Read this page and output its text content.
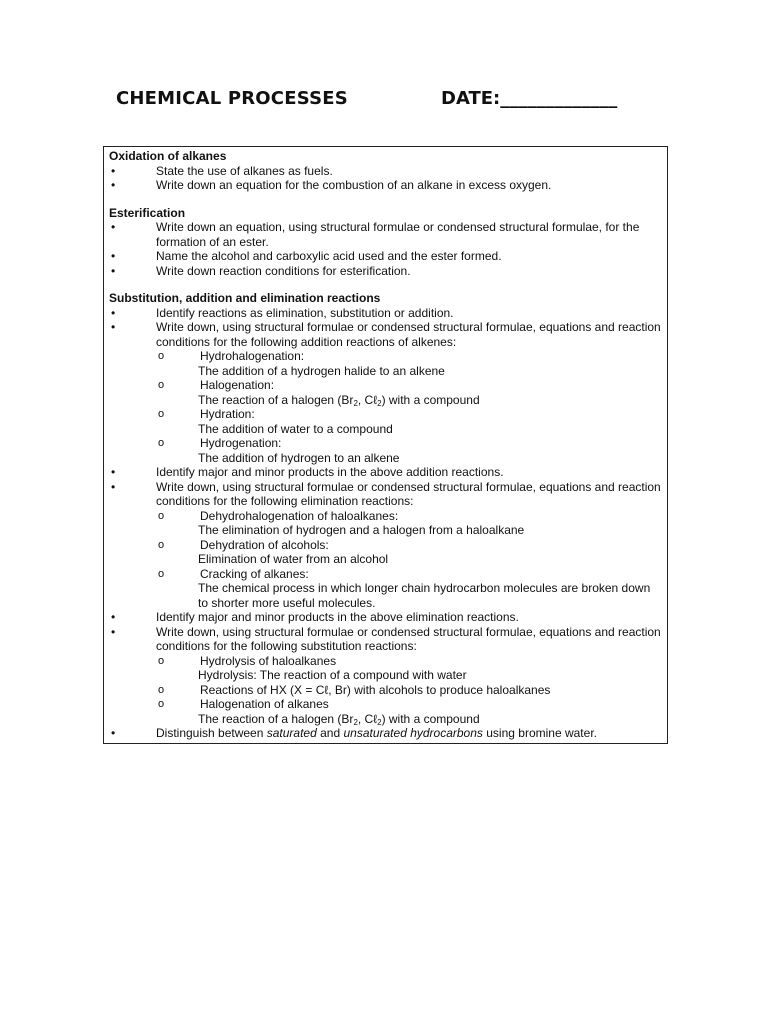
CHEMICAL PROCESSES	DATE:_____________
Oxidation of alkanes
•	State the use of alkanes as fuels.
•	Write down an equation for the combustion of an alkane in excess oxygen.
Esterification
•	Write down an equation, using structural formulae or condensed structural formulae, for the formation of an ester.
•	Name the alcohol and carboxylic acid used and the ester formed.
•	Write down reaction conditions for esterification.
Substitution, addition and elimination reactions
•	Identify reactions as elimination, substitution or addition.
•	Write down, using structural formulae or condensed structural formulae, equations and reaction conditions for the following addition reactions of alkenes:
o	Hydrohalogenation:
The addition of a hydrogen halide to an alkene
o	Halogenation:
The reaction of a halogen ($Br_2$, Cℓ$_2$) with a compound
o	Hydration:
The addition of water to a compound
o	Hydrogenation:
The addition of hydrogen to an alkene
•	Identify major and minor products in the above addition reactions.
•	Write down, using structural formulae or condensed structural formulae, equations and reaction conditions for the following elimination reactions:
o	Dehydrohalogenation of haloalkanes:
The elimination of hydrogen and a halogen from a haloalkane
o	Dehydration of alcohols:
Elimination of water from an alcohol
o	Cracking of alkanes:
The chemical process in which longer chain hydrocarbon molecules are broken down to shorter more useful molecules.
•	Identify major and minor products in the above elimination reactions.
•	Write down, using structural formulae or condensed structural formulae, equations and reaction conditions for the following substitution reactions:
o	Hydrolysis of haloalkanes
Hydrolysis: The reaction of a compound with water
o	Reactions of HX (X = Cℓ, Br) with alcohols to produce haloalkanes
o	Halogenation of alkanes
The reaction of a halogen ($Br_2$, Cℓ$_2$) with a compound
•	Distinguish between saturated and unsaturated hydrocarbons using bromine water.
